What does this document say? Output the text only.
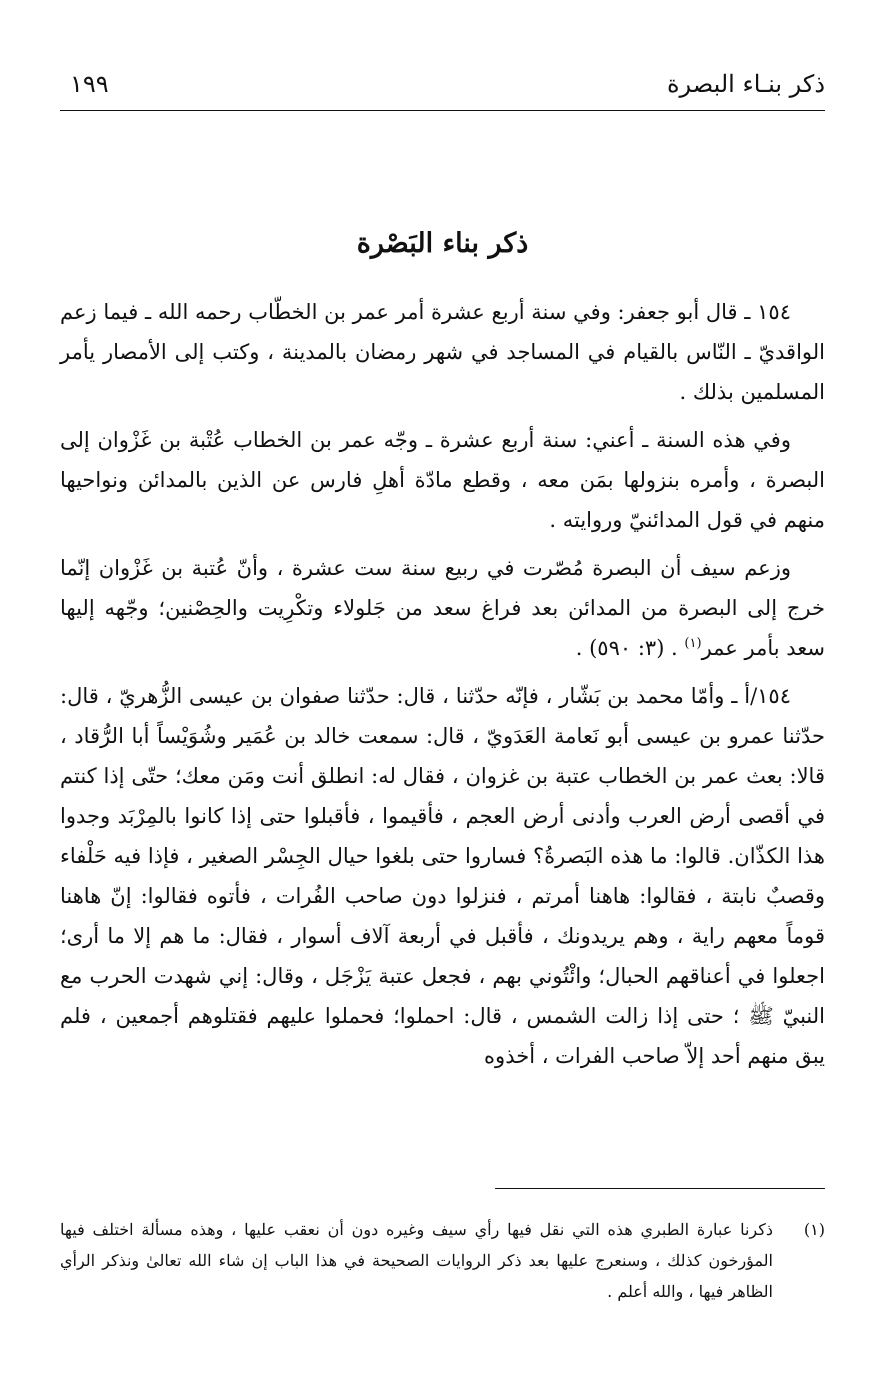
ذكر بنـاء البصرة
١٩٩
ذكر بناء البَصْرة

١٥٤ ـ قال أبو جعفر: وفي سنة أربع عشرة أمر عمر بن الخطّاب رحمه الله ـ فيما زعم الواقديّ ـ النّاس بالقيام في المساجد في شهر رمضان بالمدينة ، وكتب إلى الأمصار يأمر المسلمين بذلك .

وفي هذه السنة ـ أعني: سنة أربع عشرة ـ وجّه عمر بن الخطاب عُتْبة بن غَزْوان إلى البصرة ، وأمره بنزولها بمَن معه ، وقطع مادّة أهلِ فارس عن الذين بالمدائن ونواحيها منهم في قول المدائنيّ وروايته .

وزعم سيف أن البصرة مُصّرت في ربيع سنة ست عشرة ، وأنّ عُتبة بن غَزْوان إنّما خرج إلى البصرة من المدائن بعد فراغ سعد من جَلولاء وتكْرِيت والحِصْنين؛ وجّهه إليها سعد بأمر عمر$^{(١)}$ . (٣: ٥٩٠) .

١٥٤/أ ـ وأمّا محمد بن بَشّار ، فإنّه حدّثنا ، قال: حدّثنا صفوان بن عيسى الزُّهريّ ، قال: حدّثنا عمرو بن عيسى أبو نَعامة العَدَويّ ، قال: سمعت خالد بن عُمَير وشُوَيْساً أبا الرُّقاد ، قالا: بعث عمر بن الخطاب عتبة بن غزوان ، فقال له: انطلق أنت ومَن معك؛ حتّى إذا كنتم في أقصى أرض العرب وأدنى أرض العجم ، فأقيموا ، فأقبلوا حتى إذا كانوا بالمِرْبَد وجدوا هذا الكذّان. قالوا: ما هذه البَصرةُ؟ فساروا حتى بلغوا حيال الجِسْر الصغير ، فإذا فيه حَلْفاء وقصبٌ نابتة ، فقالوا: هاهنا أمرتم ، فنزلوا دون صاحب الفُرات ، فأتوه فقالوا: إنّ هاهنا قوماً معهم راية ، وهم يريدونك ، فأقبل في أربعة آلاف أسوار ، فقال: ما هم إلا ما أرى؛ اجعلوا في أعناقهم الحبال؛ وائْتُوني بهم ، فجعل عتبة يَزْجَل ، وقال: إني شهدت الحرب مع النبيّ ﷺ ؛ حتى إذا زالت الشمس ، قال: احملوا؛ فحملوا عليهم فقتلوهم أجمعين ، فلم يبق منهم أحد إلاّ صاحب الفرات ، أخذوه

(١)
ذكرنا عبارة الطبري هذه التي نقل فيها رأي سيف وغيره دون أن نعقب عليها ، وهذه مسألة اختلف فيها المؤرخون كذلك ، وسنعرج عليها بعد ذكر الروايات الصحيحة في هذا الباب إن شاء الله تعالىٰ ونذكر الرأي الظاهر فيها ، والله أعلم .
